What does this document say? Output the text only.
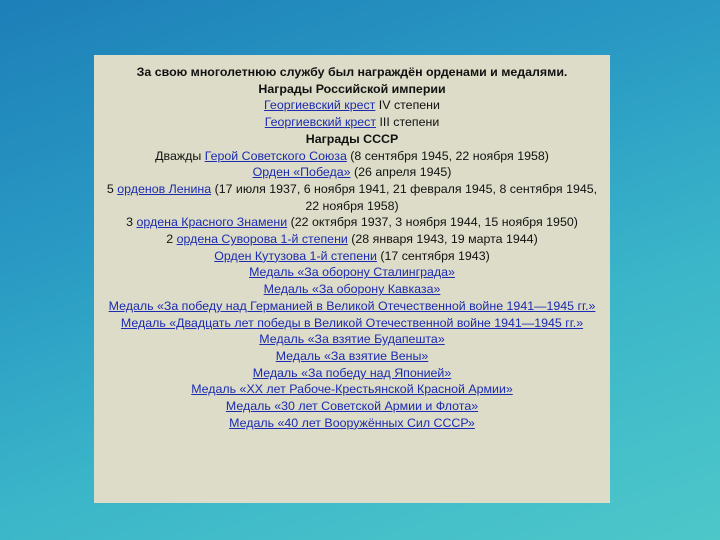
За свою многолетнюю службу был награждён орденами и медалями.
Награды Российской империи
Георгиевский крест IV степени
Георгиевский крест III степени
Награды СССР
Дважды Герой Советского Союза (8 сентября 1945, 22 ноября 1958)
Орден «Победа» (26 апреля 1945)
5 орденов Ленина (17 июля 1937, 6 ноября 1941, 21 февраля 1945, 8 сентября 1945, 22 ноября 1958)
3 ордена Красного Знамени (22 октября 1937, 3 ноября 1944, 15 ноября 1950)
2 ордена Суворова 1-й степени (28 января 1943, 19 марта 1944)
Орден Кутузова 1-й степени (17 сентября 1943)
Медаль «За оборону Сталинграда»
Медаль «За оборону Кавказа»
Медаль «За победу над Германией в Великой Отечественной войне 1941—1945 гг.»
Медаль «Двадцать лет победы в Великой Отечественной войне 1941—1945 гг.»
Медаль «За взятие Будапешта»
Медаль «За взятие Вены»
Медаль «За победу над Японией»
Медаль «XX лет Рабоче-Крестьянской Красной Армии»
Медаль «30 лет Советской Армии и Флота»
Медаль «40 лет Вооружённых Сил СССР»
